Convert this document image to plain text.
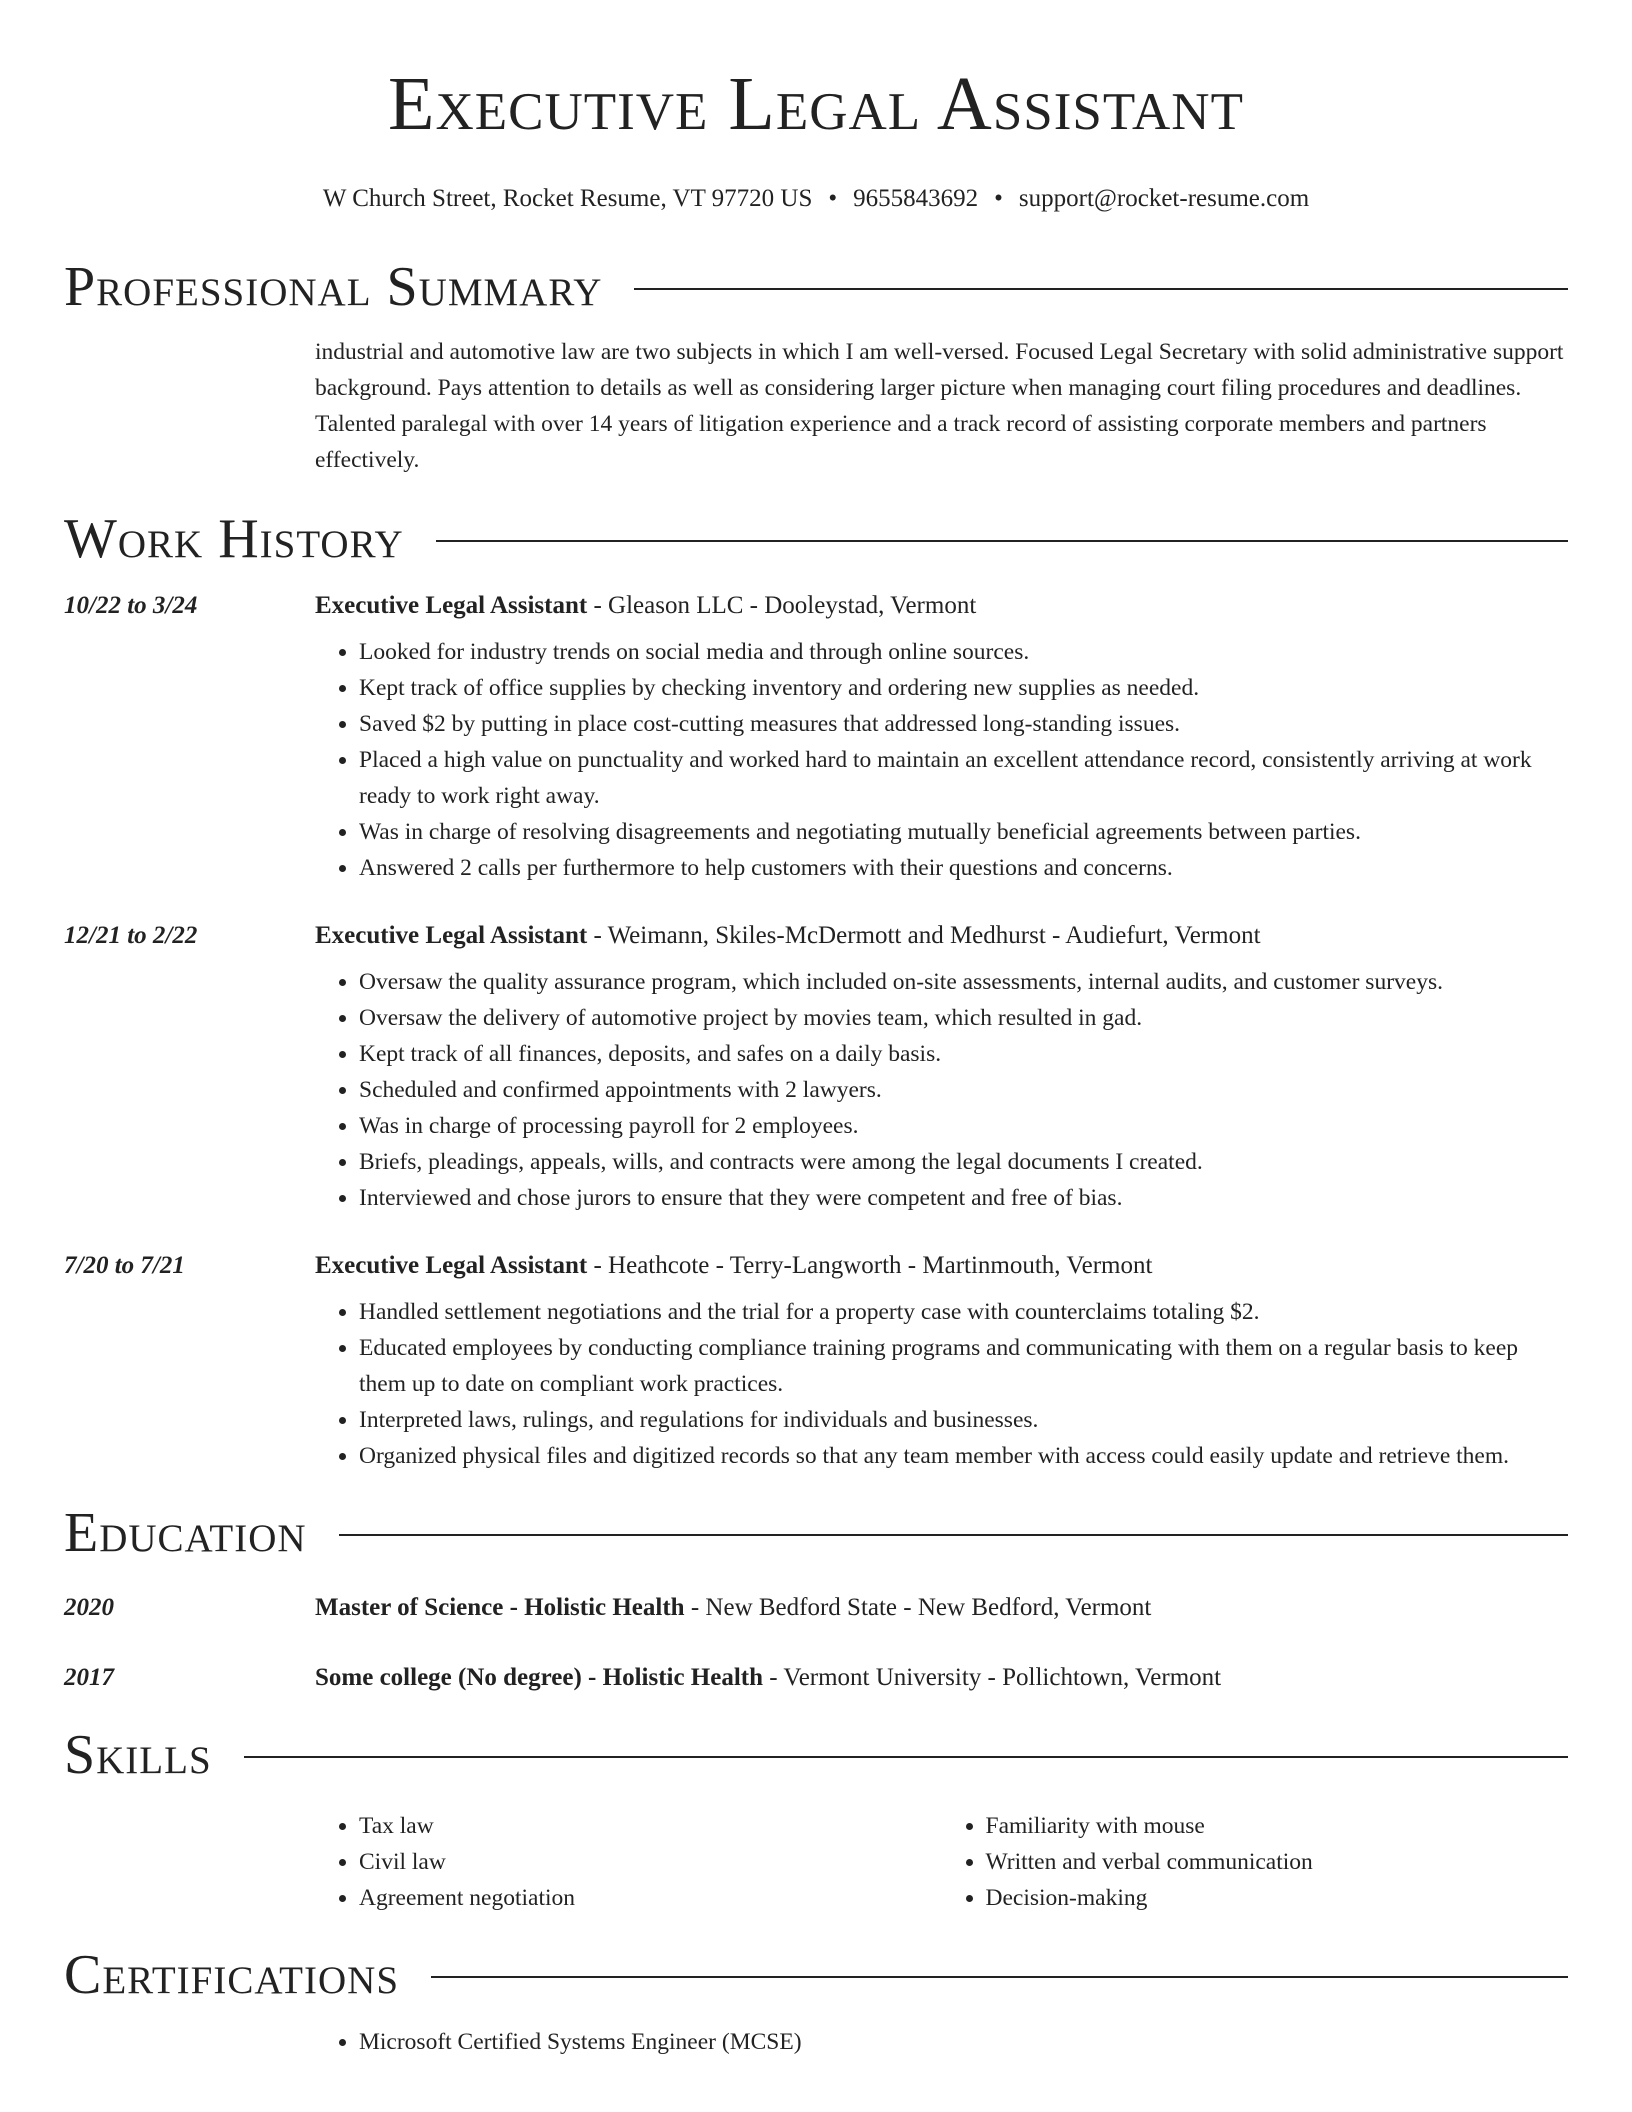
Executive Legal Assistant
W Church Street, Rocket Resume, VT 97720 US • 9655843692 • support@rocket-resume.com
Professional Summary

industrial and automotive law are two subjects in which I am well-versed. Focused Legal Secretary with solid administrative support background. Pays attention to details as well as considering larger picture when managing court filing procedures and deadlines. Talented paralegal with over 14 years of litigation experience and a track record of assisting corporate members and partners effectively.

Work History
10/22 to 3/24	Executive Legal Assistant - Gleason LLC - Dooleystad, Vermont
• Looked for industry trends on social media and through online sources.
• Kept track of office supplies by checking inventory and ordering new supplies as needed.
• Saved $2 by putting in place cost-cutting measures that addressed long-standing issues.
• Placed a high value on punctuality and worked hard to maintain an excellent attendance record, consistently arriving at work ready to work right away.
• Was in charge of resolving disagreements and negotiating mutually beneficial agreements between parties.
• Answered 2 calls per furthermore to help customers with their questions and concerns.
12/21 to 2/22	Executive Legal Assistant - Weimann, Skiles-McDermott and Medhurst - Audiefurt, Vermont
• Oversaw the quality assurance program, which included on-site assessments, internal audits, and customer surveys.
• Oversaw the delivery of automotive project by movies team, which resulted in gad.
• Kept track of all finances, deposits, and safes on a daily basis.
• Scheduled and confirmed appointments with 2 lawyers.
• Was in charge of processing payroll for 2 employees.
• Briefs, pleadings, appeals, wills, and contracts were among the legal documents I created.
• Interviewed and chose jurors to ensure that they were competent and free of bias.
7/20 to 7/21	Executive Legal Assistant - Heathcote - Terry-Langworth - Martinmouth, Vermont
• Handled settlement negotiations and the trial for a property case with counterclaims totaling $2.
• Educated employees by conducting compliance training programs and communicating with them on a regular basis to keep them up to date on compliant work practices.
• Interpreted laws, rulings, and regulations for individuals and businesses.
• Organized physical files and digitized records so that any team member with access could easily update and retrieve them.
Education
2020	Master of Science - Holistic Health - New Bedford State - New Bedford, Vermont
2017	Some college (No degree) - Holistic Health - Vermont University - Pollichtown, Vermont
Skills
• Tax law
• Civil law
• Agreement negotiation
• Familiarity with mouse
• Written and verbal communication
• Decision-making
Certifications
• Microsoft Certified Systems Engineer (MCSE)
